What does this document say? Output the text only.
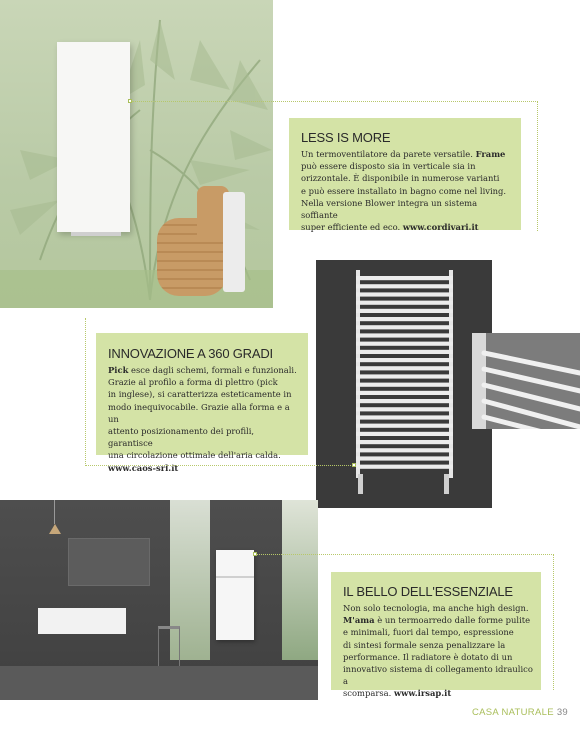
LESS IS MORE

Un termoventilatore da parete versatile. Frame
può essere disposto sia in verticale sia in
orizzontale. È disponibile in numerose varianti
e può essere installato in bagno come nel living.
Nella versione Blower integra un sistema soffiante
super efficiente ed eco. www.cordivari.it

INNOVAZIONE A 360 GRADI

Pick esce dagli schemi, formali e funzionali.
Grazie al profilo a forma di plettro (pick
in inglese), si caratterizza esteticamente in
modo inequivocabile. Grazie alla forma e a un
attento posizionamento dei profili, garantisce
una circolazione ottimale dell'aria calda.
www.caos-srl.it

IL BELLO DELL'ESSENZIALE

Non solo tecnologia, ma anche high design.
M'ama è un termoarredo dalle forme pulite
e minimali, fuori dal tempo, espressione
di sintesi formale senza penalizzare la
performance. Il radiatore è dotato di un
innovativo sistema di collegamento idraulico a
scomparsa. www.irsap.it

CASA NATURALE 39
